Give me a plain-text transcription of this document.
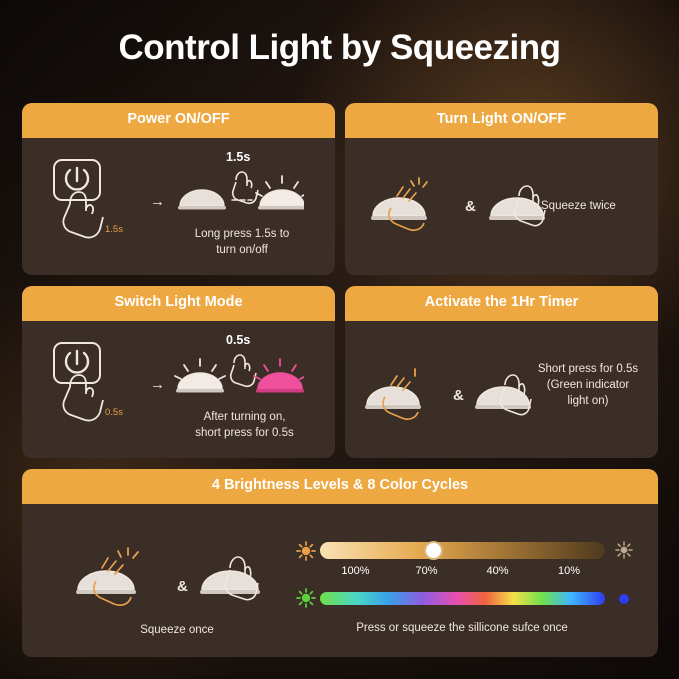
Control Light by Squeezing
Power ON/OFF
1.5s
→
1.5s
Long press 1.5s to
turn on/off
Turn Light ON/OFF
&	Squeeze twice
Switch Light Mode
0.5s
→
0.5s
After turning on,
short press for 0.5s
Activate the 1Hr Timer
&
Short press for 0.5s
(Green indicator
light on)
4 Brightness Levels & 8 Color Cycles
&
Squeeze once
100%	70%	40%	10%
Press or squeeze the sillicone sufce once
